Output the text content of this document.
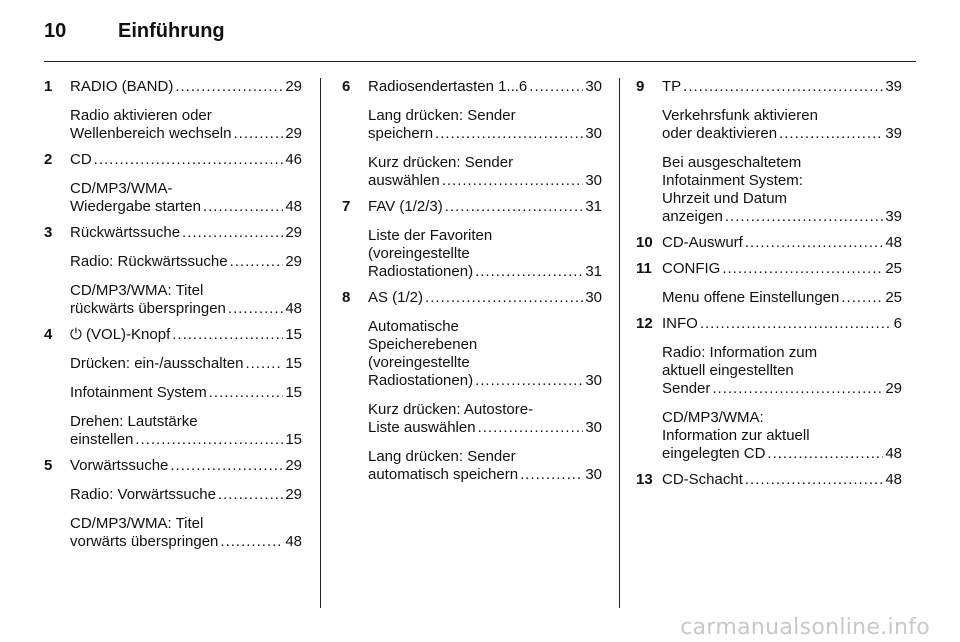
10	Einführung
1	RADIO (BAND) .....	29
Radio aktivieren oder
Wellenbereich wechseln .....	29
2	CD .....	46
CD/MP3/WMA-
Wiedergabe starten .....	48
3	Rückwärtssuche .....	29
Radio: Rückwärtssuche .....	29
CD/MP3/WMA: Titel
rückwärts überspringen .....	48
4	⏻ (VOL)-Knopf .....	15
Drücken: ein-/ausschalten .....	15
Infotainment System .....	15
Drehen: Lautstärke
einstellen .....	15
5	Vorwärtssuche .....	29
Radio: Vorwärtssuche .....	29
CD/MP3/WMA: Titel
vorwärts überspringen .....	48
6	Radiosendertasten 1...6 .....	30
Lang drücken: Sender
speichern .....	30
Kurz drücken: Sender
auswählen .....	30
7	FAV (1/2/3) .....	31
Liste der Favoriten
(voreingestellte
Radiostationen) .....	31
8	AS (1/2) .....	30
Automatische
Speicherebenen
(voreingestellte
Radiostationen) .....	30
Kurz drücken: Autostore-
Liste auswählen .....	30
Lang drücken: Sender
automatisch speichern .....	30
9	TP .....	39
Verkehrsfunk aktivieren
oder deaktivieren .....	39
Bei ausgeschaltetem
Infotainment System:
Uhrzeit und Datum
anzeigen .....	39
10 CD-Auswurf .....	48
11 CONFIG .....	25
Menu offene Einstellungen .....	25
12 INFO .....	6
Radio: Information zum
aktuell eingestellten
Sender .....	29
CD/MP3/WMA:
Information zur aktuell
eingelegten CD .....	48
13 CD-Schacht .....	48
carmanualsonline.info
